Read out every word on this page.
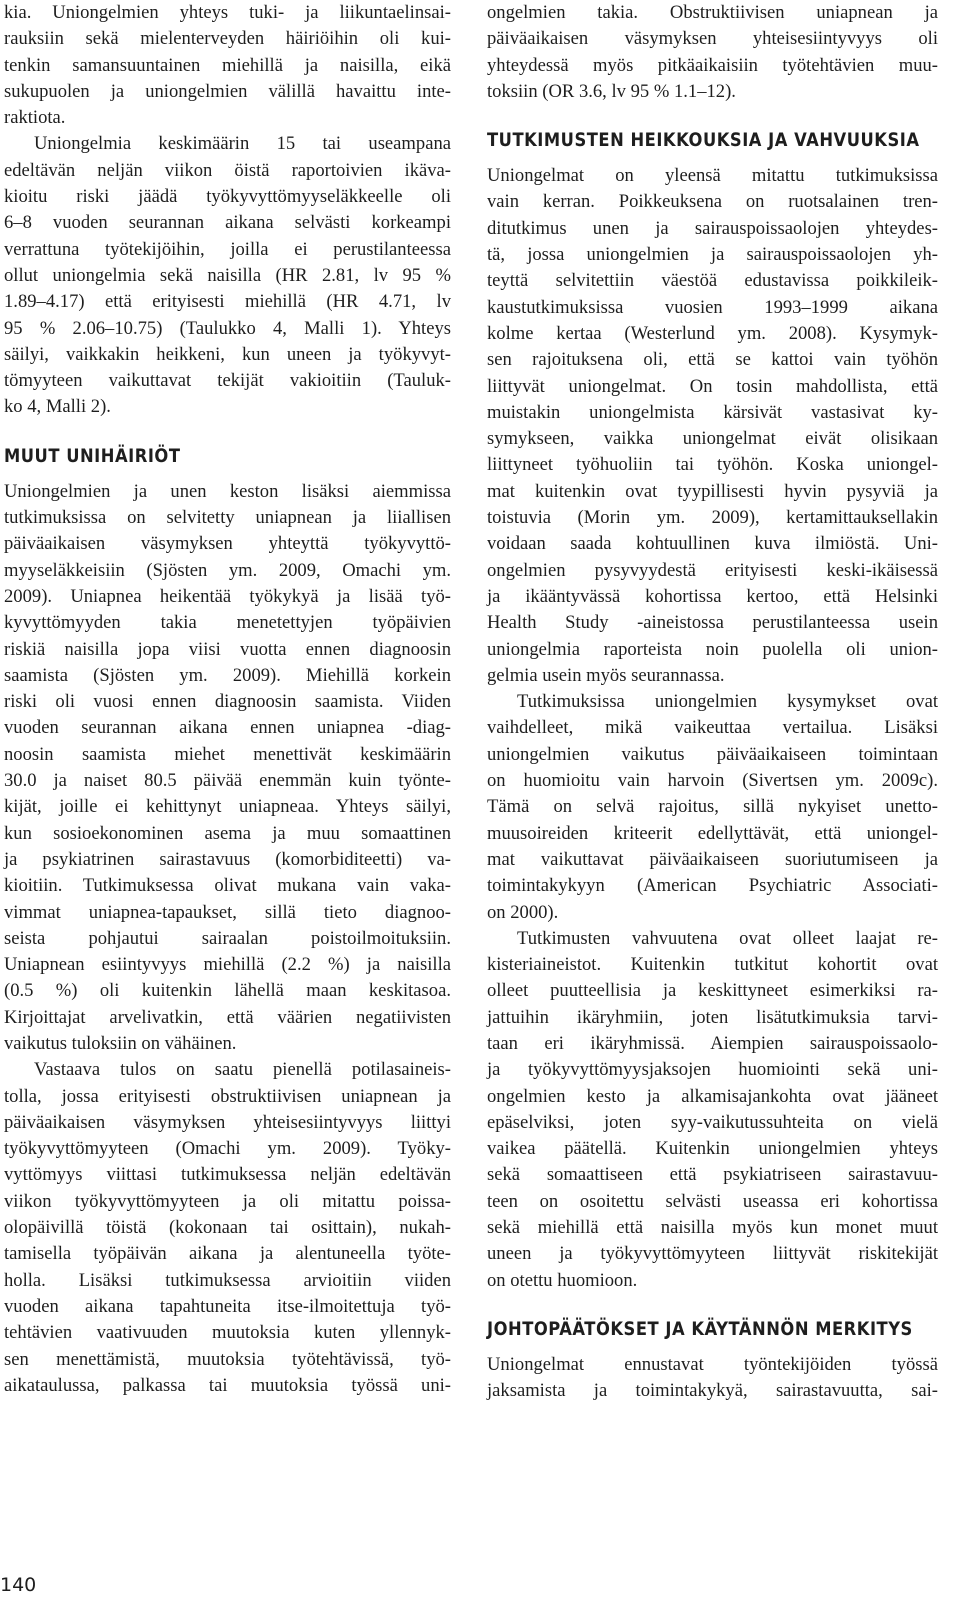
kia. Uniongelmien yhteys tuki- ja liikuntaelinsai-
rauksiin sekä mielenterveyden häiriöihin oli kui-
tenkin samansuuntainen miehillä ja naisilla, eikä
sukupuolen ja uniongelmien välillä havaittu inte-
raktiota.
Uniongelmia keskimäärin 15 tai useampana
edeltävän neljän viikon öistä raportoivien ikäva-
kioitu riski jäädä työkyvyttömyyseläkkeelle oli
6–8 vuoden seurannan aikana selvästi korkeampi
verrattuna työtekijöihin, joilla ei perustilanteessa
ollut uniongelmia sekä naisilla (HR 2.81, lv 95 %
1.89–4.17) että erityisesti miehillä (HR 4.71, lv
95 % 2.06–10.75) (Taulukko 4, Malli 1). Yhteys
säilyi, vaikkakin heikkeni, kun uneen ja työkyvyt-
tömyyteen vaikuttavat tekijät vakioitiin (Tauluk-
ko 4, Malli 2).
MUUT UNIHÄIRIÖT
Uniongelmien ja unen keston lisäksi aiemmissa
tutkimuksissa on selvitetty uniapnean ja liiallisen
päiväaikaisen väsymyksen yhteyttä työkyvyttö-
myyseläkkeisiin (Sjösten ym. 2009, Omachi ym.
2009). Uniapnea heikentää työkykyä ja lisää työ-
kyvyttömyyden takia menetettyjen työpäivien
riskiä naisilla jopa viisi vuotta ennen diagnoosin
saamista (Sjösten ym. 2009). Miehillä korkein
riski oli vuosi ennen diagnoosin saamista. Viiden
vuoden seurannan aikana ennen uniapnea -diag-
noosin saamista miehet menettivät keskimäärin
30.0 ja naiset 80.5 päivää enemmän kuin työnte-
kijät, joille ei kehittynyt uniapneaa. Yhteys säilyi,
kun sosioekonominen asema ja muu somaattinen
ja psykiatrinen sairastavuus (komorbiditeetti) va-
kioitiin. Tutkimuksessa olivat mukana vain vaka-
vimmat uniapnea-tapaukset, sillä tieto diagnoo-
seista pohjautui sairaalan poistoilmoituksiin.
Uniapnean esiintyvyys miehillä (2.2 %) ja naisilla
(0.5 %) oli kuitenkin lähellä maan keskitasoa.
Kirjoittajat arvelivatkin, että väärien negatiivisten
vaikutus tuloksiin on vähäinen.
Vastaava tulos on saatu pienellä potilasaineis-
tolla, jossa erityisesti obstruktiivisen uniapnean ja
päiväaikaisen väsymyksen yhteisesiintyvyys liittyi
työkyvyttömyyteen (Omachi ym. 2009). Työky-
vyttömyys viittasi tutkimuksessa neljän edeltävän
viikon työkyvyttömyyteen ja oli mitattu poissa-
olopäivillä töistä (kokonaan tai osittain), nukah-
tamisella työpäivän aikana ja alentuneella työte-
holla. Lisäksi tutkimuksessa arvioitiin viiden
vuoden aikana tapahtuneita itse-ilmoitettuja työ-
tehtävien vaativuuden muutoksia kuten yllennyk-
sen menettämistä, muutoksia työtehtävissä, työ-
aikataulussa, palkassa tai muutoksia työssä uni-
ongelmien takia. Obstruktiivisen uniapnean ja
päiväaikaisen väsymyksen yhteisesiintyvyys oli
yhteydessä myös pitkäaikaisiin työtehtävien muu-
toksiin (OR 3.6, lv 95 % 1.1–12).
TUTKIMUSTEN HEIKKOUKSIA JA VAHVUUKSIA
Uniongelmat on yleensä mitattu tutkimuksissa
vain kerran. Poikkeuksena on ruotsalainen tren-
ditutkimus unen ja sairauspoissaolojen yhteydes-
tä, jossa uniongelmien ja sairauspoissaolojen yh-
teyttä selvitettiin väestöä edustavissa poikkileik-
kaustutkimuksissa vuosien 1993–1999 aikana
kolme kertaa (Westerlund ym. 2008). Kysymyk-
sen rajoituksena oli, että se kattoi vain työhön
liittyvät uniongelmat. On tosin mahdollista, että
muistakin uniongelmista kärsivät vastasivat ky-
symykseen, vaikka uniongelmat eivät olisikaan
liittyneet työhuoliin tai työhön. Koska uniongel-
mat kuitenkin ovat tyypillisesti hyvin pysyviä ja
toistuvia (Morin ym. 2009), kertamittauksellakin
voidaan saada kohtuullinen kuva ilmiöstä. Uni-
ongelmien pysyvyydestä erityisesti keski-ikäisessä
ja ikääntyvässä kohortissa kertoo, että Helsinki
Health Study -aineistossa perustilanteessa usein
uniongelmia raporteista noin puolella oli union-
gelmia usein myös seurannassa.
Tutkimuksissa uniongelmien kysymykset ovat
vaihdelleet, mikä vaikeuttaa vertailua. Lisäksi
uniongelmien vaikutus päiväaikaiseen toimintaan
on huomioitu vain harvoin (Sivertsen ym. 2009c).
Tämä on selvä rajoitus, sillä nykyiset unetto-
muusoireiden kriteerit edellyttävät, että uniongel-
mat vaikuttavat päiväaikaiseen suoriutumiseen ja
toimintakykyyn (American Psychiatric Associati-
on 2000).
Tutkimusten vahvuutena ovat olleet laajat re-
kisteriaineistot. Kuitenkin tutkitut kohortit ovat
olleet puutteellisia ja keskittyneet esimerkiksi ra-
jattuihin ikäryhmiin, joten lisätutkimuksia tarvi-
taan eri ikäryhmissä. Aiempien sairauspoissaolo-
ja työkyvyttömyysjaksojen huomiointi sekä uni-
ongelmien kesto ja alkamisajankohta ovat jääneet
epäselviksi, joten syy-vaikutussuhteita on vielä
vaikea päätellä. Kuitenkin uniongelmien yhteys
sekä somaattiseen että psykiatriseen sairastavuu-
teen on osoitettu selvästi useassa eri kohortissa
sekä miehillä että naisilla myös kun monet muut
uneen ja työkyvyttömyyteen liittyvät riskitekijät
on otettu huomioon.
JOHTOPÄÄTÖKSET JA KÄYTÄNNÖN MERKITYS
Uniongelmat ennustavat työntekijöiden työssä
jaksamista ja toimintakykyä, sairastavuutta, sai-
140
